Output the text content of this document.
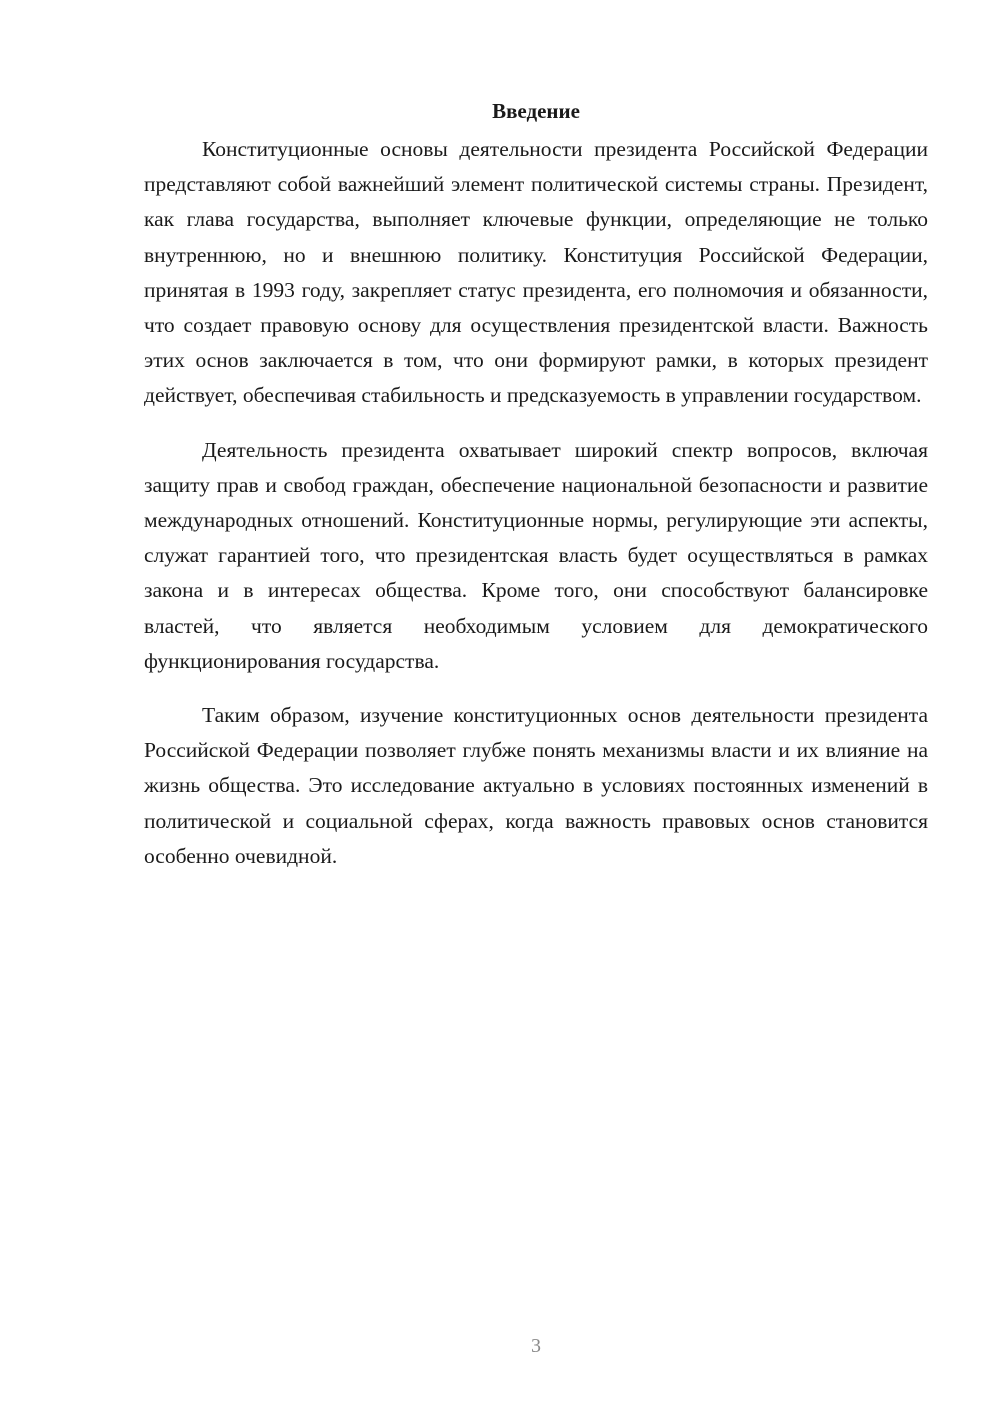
Введение

Конституционные основы деятельности президента Российской Федерации представляют собой важнейший элемент политической системы страны. Президент, как глава государства, выполняет ключевые функции, определяющие не только внутреннюю, но и внешнюю политику. Конституция Российской Федерации, принятая в 1993 году, закрепляет статус президента, его полномочия и обязанности, что создает правовую основу для осуществления президентской власти. Важность этих основ заключается в том, что они формируют рамки, в которых президент действует, обеспечивая стабильность и предсказуемость в управлении государством.

Деятельность президента охватывает широкий спектр вопросов, включая защиту прав и свобод граждан, обеспечение национальной безопасности и развитие международных отношений. Конституционные нормы, регулирующие эти аспекты, служат гарантией того, что президентская власть будет осуществляться в рамках закона и в интересах общества. Кроме того, они способствуют балансировке властей, что является необходимым условием для демократического функционирования государства.

Таким образом, изучение конституционных основ деятельности президента Российской Федерации позволяет глубже понять механизмы власти и их влияние на жизнь общества. Это исследование актуально в условиях постоянных изменений в политической и социальной сферах, когда важность правовых основ становится особенно очевидной.

3
